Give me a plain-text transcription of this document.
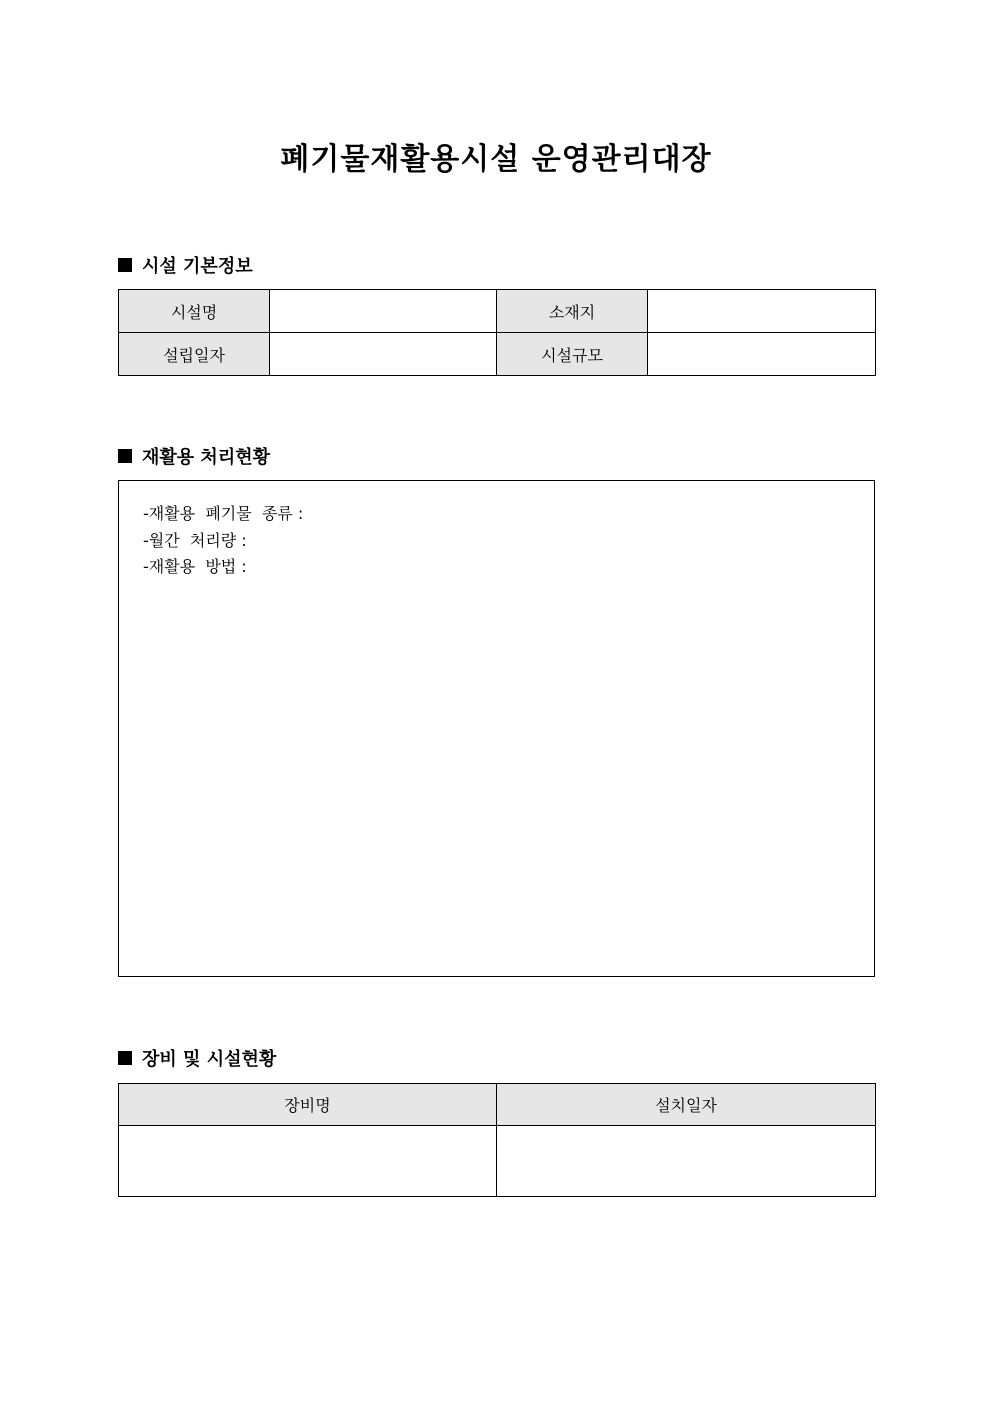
폐기물재활용시설 운영관리대장
시설 기본정보
시설명		소재지	
설립일자		시설규모	
재활용 처리현황
-재활용  폐기물  종류 :
-월간  처리량 :
-재활용  방법 :
장비 및 시설현황
장비명	설치일자
